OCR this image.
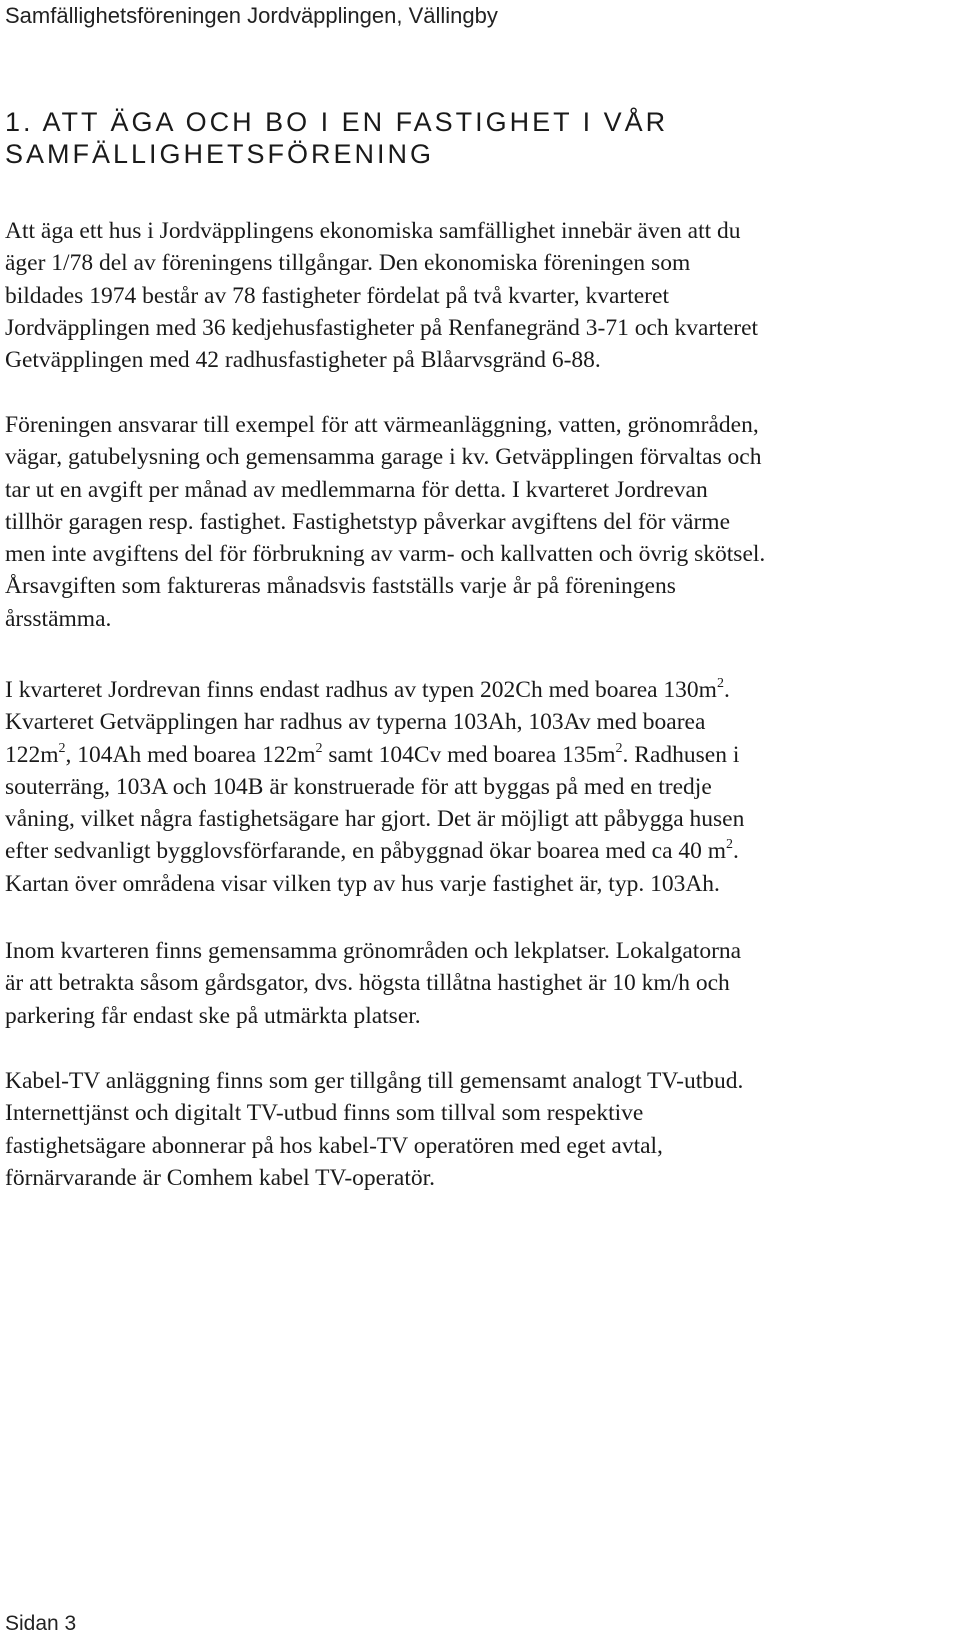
Samfällighetsföreningen Jordväpplingen, Vällingby
1. ATT ÄGA OCH BO I EN FASTIGHET I VÅR
SAMFÄLLIGHETSFÖRENING

Att äga ett hus i Jordväpplingens ekonomiska samfällighet innebär även att du
äger 1/78 del av föreningens tillgångar. Den ekonomiska föreningen som
bildades 1974 består av 78 fastigheter fördelat på två kvarter, kvarteret
Jordväpplingen med 36 kedjehusfastigheter på Renfanegränd 3-71 och kvarteret
Getväpplingen med 42 radhusfastigheter på Blåarvsgränd 6-88.

Föreningen ansvarar till exempel för att värmeanläggning, vatten, grönområden,
vägar, gatubelysning och gemensamma garage i kv. Getväpplingen förvaltas och
tar ut en avgift per månad av medlemmarna för detta. I kvarteret Jordrevan
tillhör garagen resp. fastighet. Fastighetstyp påverkar avgiftens del för värme
men inte avgiftens del för förbrukning av varm- och kallvatten och övrig skötsel.
Årsavgiften som faktureras månadsvis fastställs varje år på föreningens
årsstämma.

I kvarteret Jordrevan finns endast radhus av typen 202Ch med boarea $130m^2$.
Kvarteret Getväpplingen har radhus av typerna 103Ah, 103Av med boarea
$122m^2$, 104Ah med boarea $122m^2$ samt 104Cv med boarea $135m^2$. Radhusen i
souterräng, 103A och 104B är konstruerade för att byggas på med en tredje
våning, vilket några fastighetsägare har gjort. Det är möjligt att påbygga husen
efter sedvanligt bygglovsförfarande, en påbyggnad ökar boarea med ca 40 $m^2$.
Kartan över områdena visar vilken typ av hus varje fastighet är, typ. 103Ah.

Inom kvarteren finns gemensamma grönområden och lekplatser. Lokalgatorna
är att betrakta såsom gårdsgator, dvs. högsta tillåtna hastighet är 10 km/h och
parkering får endast ske på utmärkta platser.

Kabel-TV anläggning finns som ger tillgång till gemensamt analogt TV-utbud.
Internettjänst och digitalt TV-utbud finns som tillval som respektive
fastighetsägare abonnerar på hos kabel-TV operatören med eget avtal,
förnärvarande är Comhem kabel TV-operatör.

Sidan 3
